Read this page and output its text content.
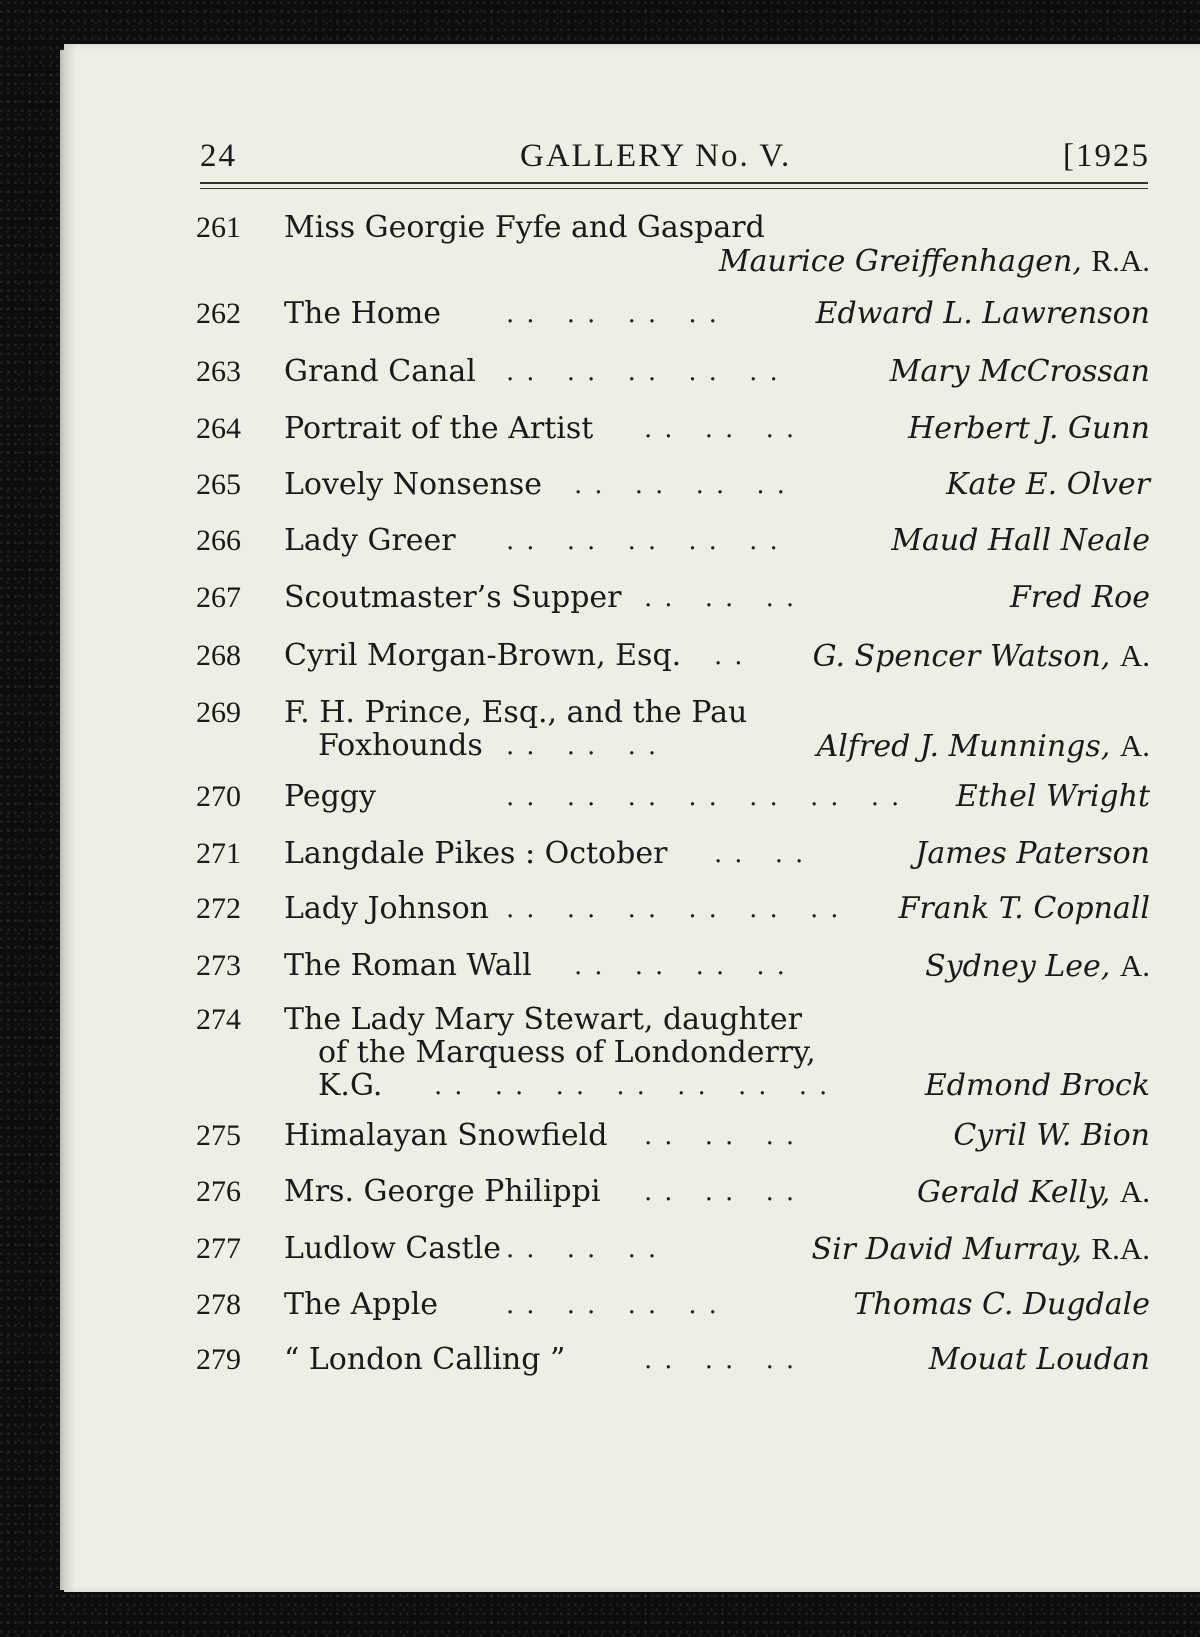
24	GALLERY No. V.	[1925
261	Miss Georgie Fyfe and Gaspard
Maurice Greiffenhagen, R.A.
262	The Home .. .. .. ..	Edward L. Lawrenson
263	Grand Canal .. .. .. .. ..	Mary McCrossan
264	Portrait of the Artist .. .. ..	Herbert J. Gunn
265	Lovely Nonsense .. .. .. ..	Kate E. Olver
266	Lady Greer .. .. .. .. ..	Maud Hall Neale
267	Scoutmaster’s Supper .. .. ..	Fred Roe
268	Cyril Morgan-Brown, Esq. .. G. Spencer Watson, A.
269	F. H. Prince, Esq., and the Pau
Foxhounds .. .. ..	Alfred J. Munnings, A.
270	Peggy	.. .. .. .. .. .. .. Ethel Wright
271	Langdale Pikes : October .. ..	James Paterson
272	Lady Johnson .. .. .. .. .. .. Frank T. Copnall
273	The Roman Wall .. .. .. ..	Sydney Lee, A.
274	The Lady Mary Stewart, daughter
of the Marquess of Londonderry,
K.G. .. .. .. .. .. .. ..	Edmond Brock
275	Himalayan Snowfield .. .. ..	Cyril W. Bion
276	Mrs. George Philippi .. .. ..	Gerald Kelly, A.
277	Ludlow Castle .. .. ..	Sir David Murray, R.A.
278	The Apple	.. .. .. ..	Thomas C. Dugdale
279	“ London Calling ”	.. .. ..	Mouat Loudan
